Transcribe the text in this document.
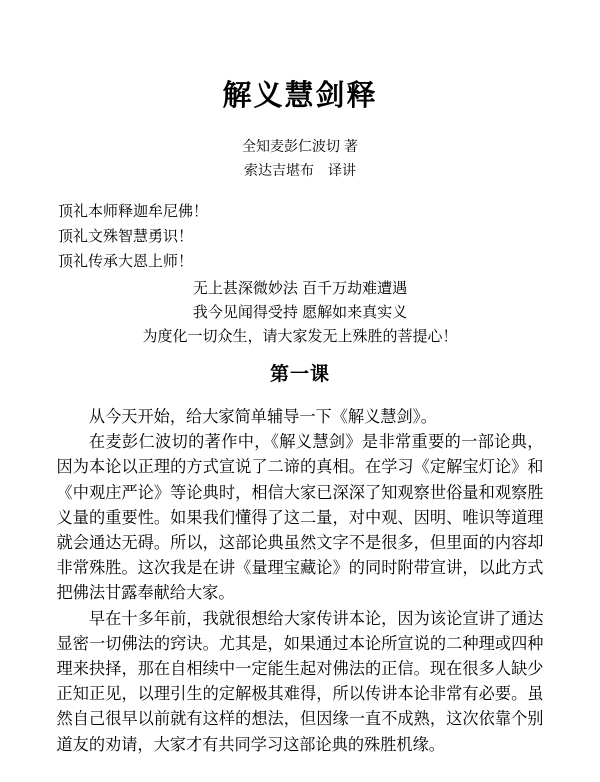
解义慧剑释
全知麦彭仁波切 著
索达吉堪布　译讲
顶礼本师释迦牟尼佛！
顶礼文殊智慧勇识！
顶礼传承大恩上师！
无上甚深微妙法 百千万劫难遭遇
我今见闻得受持 愿解如来真实义
为度化一切众生，请大家发无上殊胜的菩提心！
第一课

从今天开始，给大家简单辅导一下《解义慧剑》。

在麦彭仁波切的著作中，《解义慧剑》是非常重要的一部论典，因为本论以正理的方式宣说了二谛的真相。在学习《定解宝灯论》和《中观庄严论》等论典时，相信大家已深深了知观察世俗量和观察胜义量的重要性。如果我们懂得了这二量，对中观、因明、唯识等道理就会通达无碍。所以，这部论典虽然文字不是很多，但里面的内容却非常殊胜。这次我是在讲《量理宝藏论》的同时附带宣讲，以此方式把佛法甘露奉献给大家。

早在十多年前，我就很想给大家传讲本论，因为该论宣讲了通达显密一切佛法的窍诀。尤其是，如果通过本论所宣说的二种理或四种理来抉择，那在自相续中一定能生起对佛法的正信。现在很多人缺少正知正见，以理引生的定解极其难得，所以传讲本论非常有必要。虽然自己很早以前就有这样的想法，但因缘一直不成熟，这次依靠个别道友的劝请，大家才有共同学习这部论典的殊胜机缘。
